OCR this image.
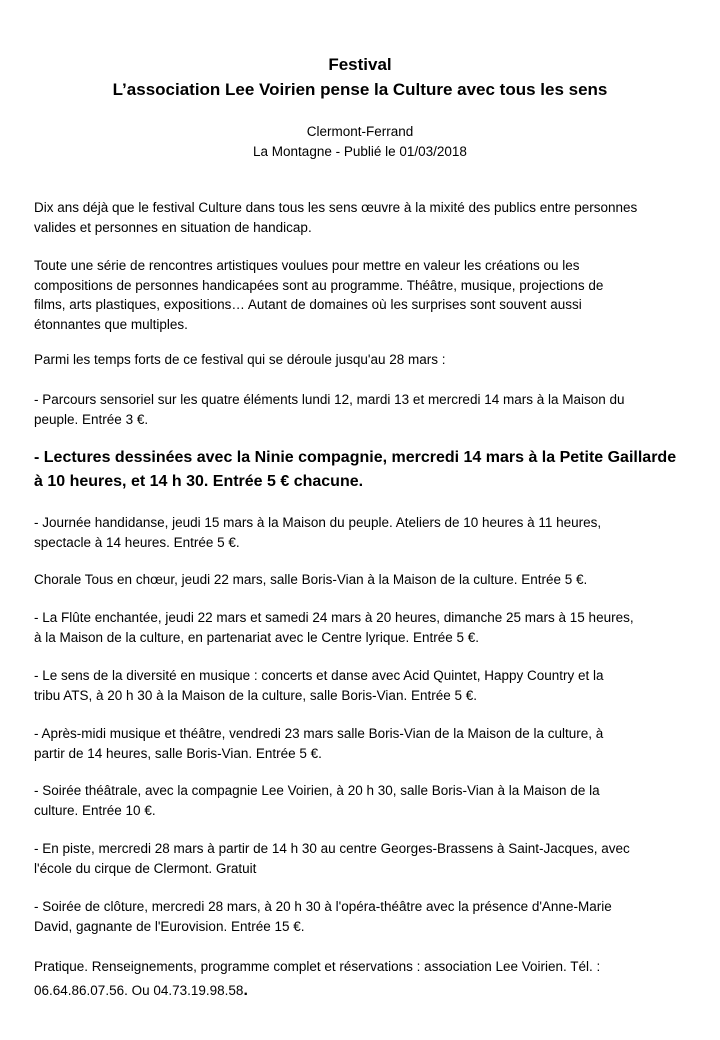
Festival
L’association Lee Voirien pense la Culture avec tous les sens
Clermont-Ferrand
La Montagne - Publié le 01/03/2018

Dix ans déjà que le festival Culture dans tous les sens œuvre à la mixité des publics entre personnes
valides et personnes en situation de handicap.

Toute une série de rencontres artistiques voulues pour mettre en valeur les créations ou les
compositions de personnes handicapées sont au programme. Théâtre, musique, projections de
films, arts plastiques, expositions… Autant de domaines où les surprises sont souvent aussi
étonnantes que multiples.

Parmi les temps forts de ce festival qui se déroule jusqu'au 28 mars :

- Parcours sensoriel sur les quatre éléments lundi 12, mardi 13 et mercredi 14 mars à la Maison du
peuple. Entrée 3 €.

- Lectures dessinées avec la Ninie compagnie, mercredi 14 mars à la Petite Gaillarde
à 10 heures, et 14 h 30. Entrée 5 € chacune.

- Journée handidanse, jeudi 15 mars à la Maison du peuple. Ateliers de 10 heures à 11 heures,
spectacle à 14 heures. Entrée 5 €.

Chorale Tous en chœur, jeudi 22 mars, salle Boris-Vian à la Maison de la culture. Entrée 5 €.

- La Flûte enchantée, jeudi 22 mars et samedi 24 mars à 20 heures, dimanche 25 mars à 15 heures,
à la Maison de la culture, en partenariat avec le Centre lyrique. Entrée 5 €.

- Le sens de la diversité en musique : concerts et danse avec Acid Quintet, Happy Country et la
tribu ATS, à 20 h 30 à la Maison de la culture, salle Boris-Vian. Entrée 5 €.

- Après-midi musique et théâtre, vendredi 23 mars salle Boris-Vian de la Maison de la culture, à
partir de 14 heures, salle Boris-Vian. Entrée 5 €.

- Soirée théâtrale, avec la compagnie Lee Voirien, à 20 h 30, salle Boris-Vian à la Maison de la
culture. Entrée 10 €.

- En piste, mercredi 28 mars à partir de 14 h 30 au centre Georges-Brassens à Saint-Jacques, avec
l'école du cirque de Clermont. Gratuit

- Soirée de clôture, mercredi 28 mars, à 20 h 30 à l'opéra-théâtre avec la présence d'Anne-Marie
David, gagnante de l'Eurovision. Entrée 15 €.

Pratique. Renseignements, programme complet et réservations : association Lee Voirien. Tél. :
06.64.86.07.56. Ou 04.73.19.98.58.
